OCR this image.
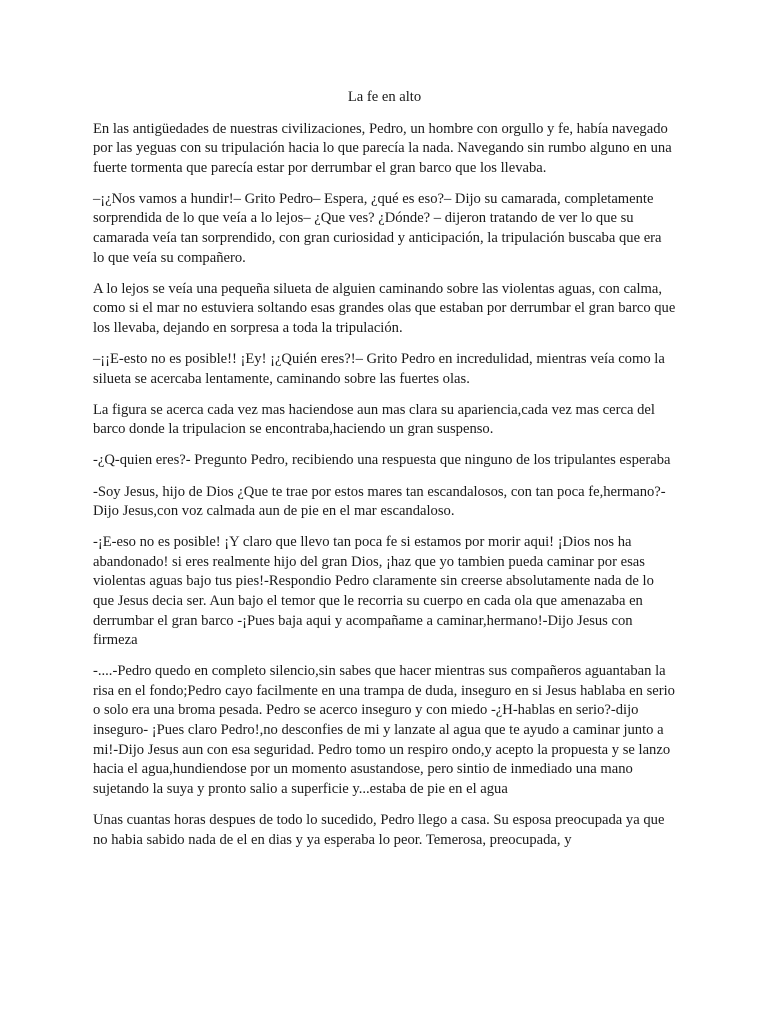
La fe en alto

En las antigüedades de nuestras civilizaciones, Pedro, un hombre con orgullo y fe, había navegado por las yeguas con su tripulación hacia lo que parecía la nada. Navegando sin rumbo alguno en una fuerte tormenta que parecía estar por derrumbar el gran barco que los llevaba.

–¡¿Nos vamos a hundir!– Grito Pedro– Espera, ¿qué es eso?– Dijo su camarada, completamente sorprendida de lo que veía a lo lejos– ¿Que ves? ¿Dónde? – dijeron tratando de ver lo que su camarada veía tan sorprendido, con gran curiosidad y anticipación, la tripulación buscaba que era lo que veía su compañero.

A lo lejos se veía una pequeña silueta de alguien caminando sobre las violentas aguas, con calma, como si el mar no estuviera soltando esas grandes olas que estaban por derrumbar el gran barco que los llevaba, dejando en sorpresa a toda la tripulación.

–¡¡E-esto no es posible!! ¡Ey! ¡¿Quién eres?!– Grito Pedro en incredulidad, mientras veía como la silueta se acercaba lentamente, caminando sobre las fuertes olas.

La figura se acerca cada vez mas haciendose aun mas clara su apariencia,cada vez mas cerca del barco donde la tripulacion se encontraba,haciendo un gran suspenso.

-¿Q-quien eres?- Pregunto Pedro, recibiendo una respuesta que ninguno de los tripulantes esperaba

-Soy Jesus, hijo de Dios ¿Que te trae por estos mares tan escandalosos, con tan poca fe,hermano?-Dijo Jesus,con voz calmada aun de pie en el mar escandaloso.

-¡E-eso no es posible! ¡Y claro que llevo tan poca fe si estamos por morir aqui! ¡Dios nos ha abandonado! si eres realmente hijo del gran Dios, ¡haz que yo tambien pueda caminar por esas violentas aguas bajo tus pies!-Respondio Pedro claramente sin creerse absolutamente nada de lo que Jesus decia ser. Aun bajo el temor que le recorria su cuerpo en cada ola que amenazaba en derrumbar el gran barco -¡Pues baja aqui y acompañame a caminar,hermano!-Dijo Jesus con firmeza

-....-Pedro quedo en completo silencio,sin sabes que hacer mientras sus compañeros aguantaban la risa en el fondo;Pedro cayo facilmente en una trampa de duda, inseguro en si Jesus hablaba en serio o solo era una broma pesada. Pedro se acerco inseguro y con miedo -¿H-hablas en serio?-dijo inseguro- ¡Pues claro Pedro!,no desconfies de mi y lanzate al agua que te ayudo a caminar junto a mi!-Dijo Jesus aun con esa seguridad. Pedro tomo un respiro ondo,y acepto la propuesta y se lanzo hacia el agua,hundiendose por un momento asustandose, pero sintio de inmediado una mano sujetando la suya y pronto salio a superficie y...estaba de pie en el agua

Unas cuantas horas despues de todo lo sucedido, Pedro llego a casa. Su esposa preocupada ya que no habia sabido nada de el en dias y ya esperaba lo peor. Temerosa, preocupada, y
